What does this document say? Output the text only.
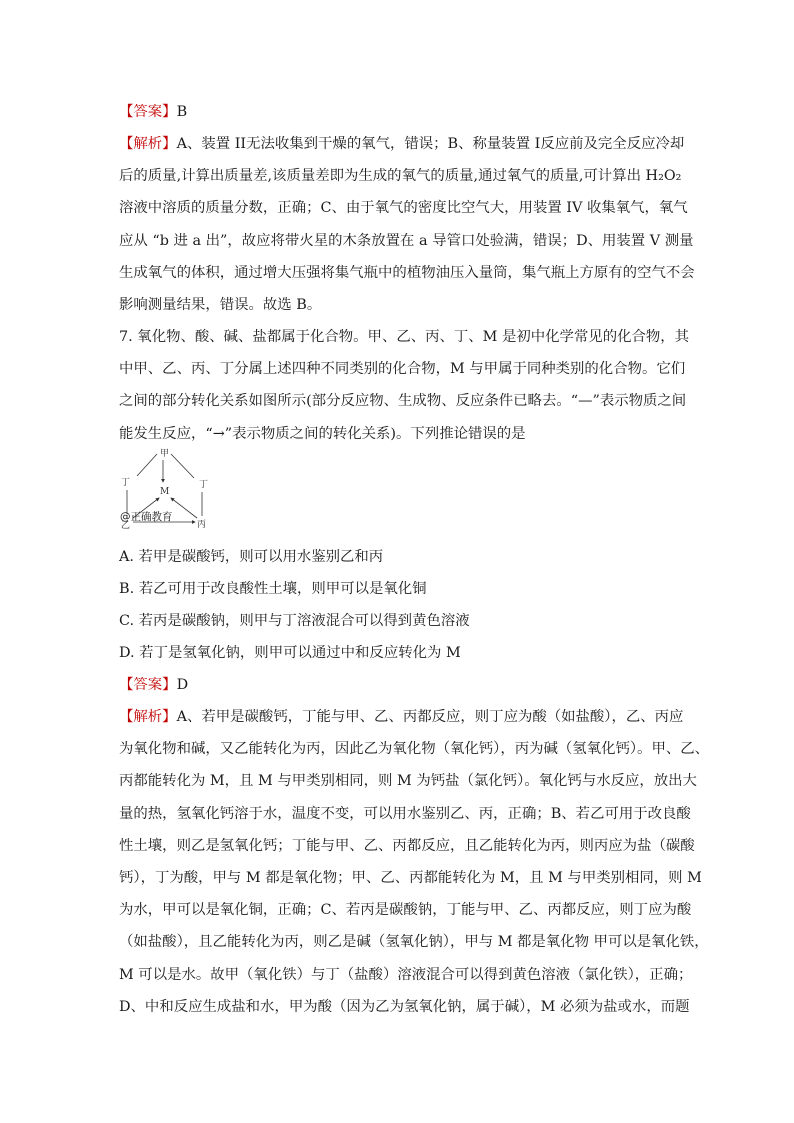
【答案】B

【解析】A、装置 II无法收集到干燥的氧气，错误；B、称量装置 I反应前及完全反应冷却
后的质量,计算出质量差,该质量差即为生成的氧气的质量,通过氧气的质量,可计算出 H₂O₂
溶液中溶质的质量分数，正确；C、由于氧气的密度比空气大，用装置 IV 收集氧气，氧气
应从 “b 进 a 出”，故应将带火星的木条放置在 a 导管口处验满，错误；D、用装置 V 测量
生成氧气的体积，通过增大压强将集气瓶中的植物油压入量筒，集气瓶上方原有的空气不会
影响测量结果，错误。故选 B。

7. 氧化物、酸、碱、盐都属于化合物。甲、乙、丙、丁、M 是初中化学常见的化合物，其
中甲、乙、丙、丁分属上述四种不同类别的化合物，M 与甲属于同种类别的化合物。它们
之间的部分转化关系如图所示(部分反应物、生成物、反应条件已略去。“—”表示物质之间
能发生反应，“→”表示物质之间的转化关系)。下列推论错误的是

甲
M
丁	丁
乙	丙
@正确教育
A. 若甲是碳酸钙，则可以用水鉴别乙和丙
B. 若乙可用于改良酸性土壤，则甲可以是氧化铜
C. 若丙是碳酸钠，则甲与丁溶液混合可以得到黄色溶液
D. 若丁是氢氧化钠，则甲可以通过中和反应转化为 M

【答案】D

【解析】A、若甲是碳酸钙，丁能与甲、乙、丙都反应，则丁应为酸（如盐酸），乙、丙应
为氧化物和碱，又乙能转化为丙，因此乙为氧化物（氧化钙），丙为碱（氢氧化钙）。甲、乙、
丙都能转化为 M，且 M 与甲类别相同，则 M 为钙盐（氯化钙）。氧化钙与水反应，放出大
量的热，氢氧化钙溶于水，温度不变，可以用水鉴别乙、丙，正确；B、若乙可用于改良酸
性土壤，则乙是氢氧化钙；丁能与甲、乙、丙都反应，且乙能转化为丙，则丙应为盐（碳酸
钙），丁为酸，甲与 M 都是氧化物；甲、乙、丙都能转化为 M，且 M 与甲类别相同，则 M
为水，甲可以是氧化铜，正确；C、若丙是碳酸钠，丁能与甲、乙、丙都反应，则丁应为酸
（如盐酸），且乙能转化为丙，则乙是碱（氢氧化钠），甲与 M 都是氧化物 甲可以是氧化铁，
M 可以是水。故甲（氧化铁）与丁（盐酸）溶液混合可以得到黄色溶液（氯化铁），正确；
D、中和反应生成盐和水，甲为酸（因为乙为氢氧化钠，属于碱），M 必须为盐或水，而题
